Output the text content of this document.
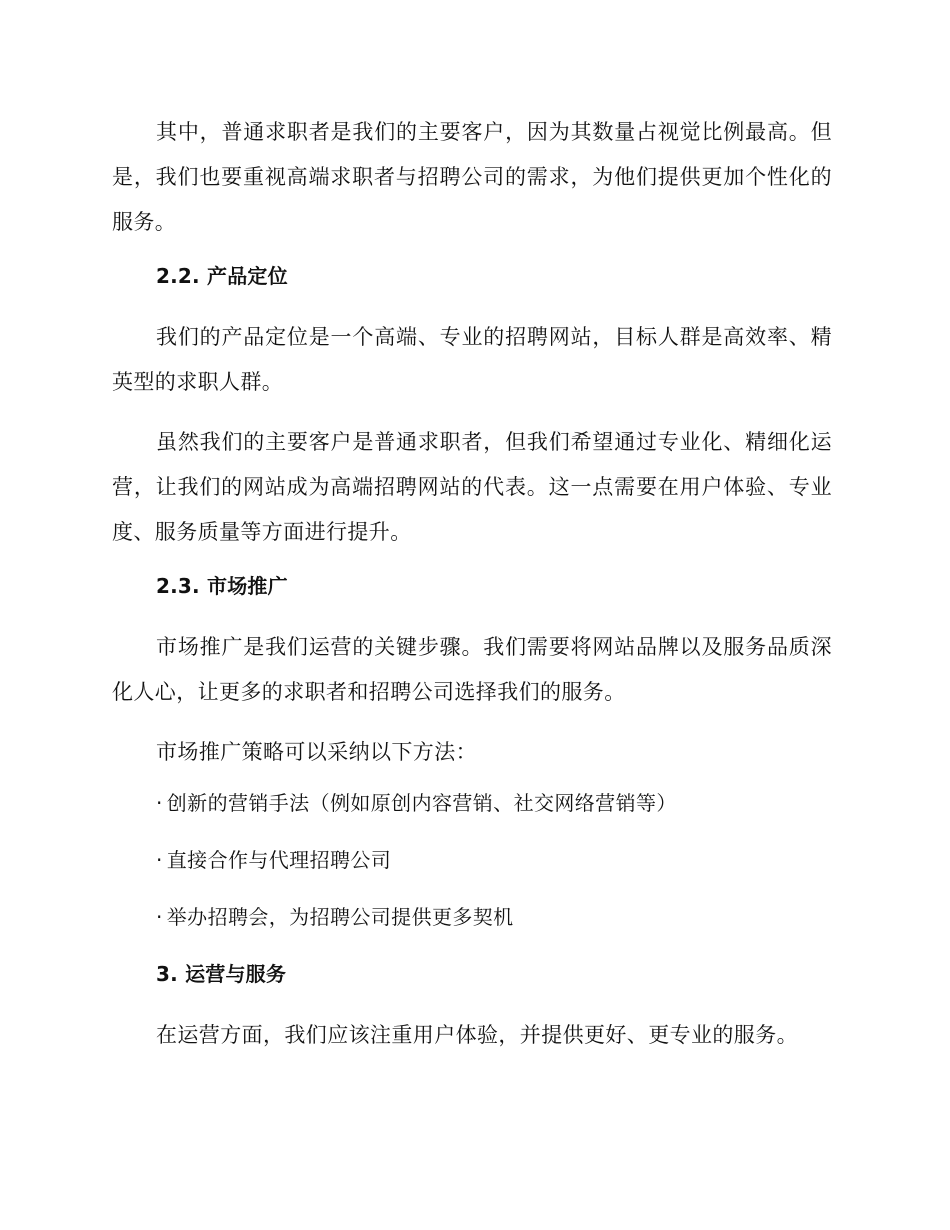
其中，普通求职者是我们的主要客户，因为其数量占视觉比例最高。但是，我们也要重视高端求职者与招聘公司的需求，为他们提供更加个性化的服务。

2.2. 产品定位

我们的产品定位是一个高端、专业的招聘网站，目标人群是高效率、精英型的求职人群。

虽然我们的主要客户是普通求职者，但我们希望通过专业化、精细化运营，让我们的网站成为高端招聘网站的代表。这一点需要在用户体验、专业度、服务质量等方面进行提升。

2.3. 市场推广

市场推广是我们运营的关键步骤。我们需要将网站品牌以及服务品质深化人心，让更多的求职者和招聘公司选择我们的服务。

市场推广策略可以采纳以下方法：

· 创新的营销手法（例如原创内容营销、社交网络营销等）
· 直接合作与代理招聘公司
· 举办招聘会，为招聘公司提供更多契机
3. 运营与服务

在运营方面，我们应该注重用户体验，并提供更好、更专业的服务。
